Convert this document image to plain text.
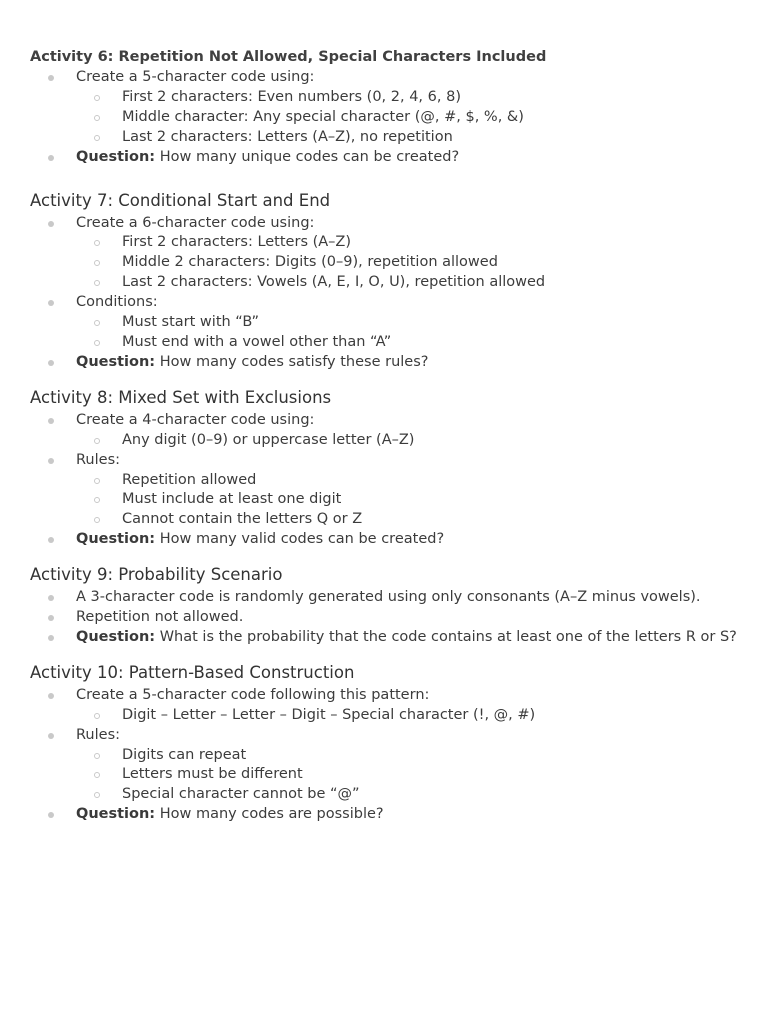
Activity 6: Repetition Not Allowed, Special Characters Included
Create a 5-character code using:
First 2 characters: Even numbers (0, 2, 4, 6, 8)
Middle character: Any special character (@, #, $, %, &)
Last 2 characters: Letters (A–Z), no repetition
Question: How many unique codes can be created?
Activity 7: Conditional Start and End
Create a 6-character code using:
First 2 characters: Letters (A–Z)
Middle 2 characters: Digits (0–9), repetition allowed
Last 2 characters: Vowels (A, E, I, O, U), repetition allowed
Conditions:
Must start with “B”
Must end with a vowel other than “A”
Question: How many codes satisfy these rules?
Activity 8: Mixed Set with Exclusions
Create a 4-character code using:
Any digit (0–9) or uppercase letter (A–Z)
Rules:
Repetition allowed
Must include at least one digit
Cannot contain the letters Q or Z
Question: How many valid codes can be created?
Activity 9: Probability Scenario
A 3-character code is randomly generated using only consonants (A–Z minus vowels).
Repetition not allowed.
Question: What is the probability that the code contains at least one of the letters R or S?
Activity 10: Pattern-Based Construction
Create a 5-character code following this pattern:
Digit – Letter – Letter – Digit – Special character (!, @, #)
Rules:
Digits can repeat
Letters must be different
Special character cannot be “@”
Question: How many codes are possible?
